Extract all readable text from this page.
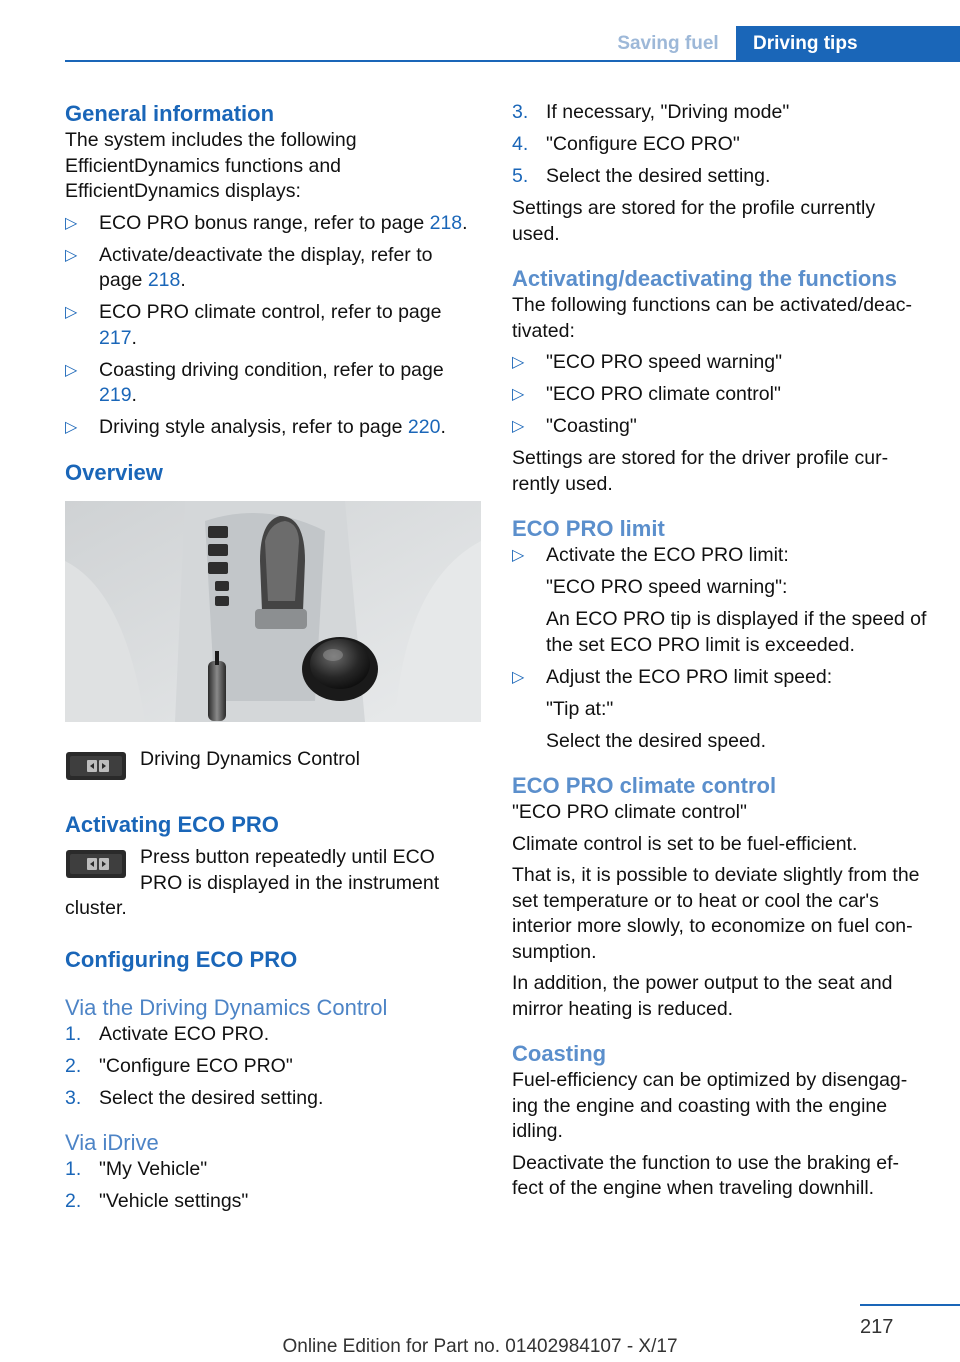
Saving fuel	Driving tips
General information

The system includes the following EfficientDynamics functions and EfficientDynamics displays:

▷ ECO PRO bonus range, refer to page 218.
▷ Activate/deactivate the display, refer to page 218.
▷ ECO PRO climate control, refer to page 217.
▷ Coasting driving condition, refer to page 219.
▷ Driving style analysis, refer to page 220.
Overview

Driving Dynamics Control

Activating ECO PRO

Press button repeatedly until ECO PRO is displayed in the instrument cluster.

Configuring ECO PRO
Via the Driving Dynamics Control
1. Activate ECO PRO.
2. "Configure ECO PRO"
3. Select the desired setting.
Via iDrive
1. "My Vehicle"
2. "Vehicle settings"
3. If necessary, "Driving mode"
4. "Configure ECO PRO"
5. Select the desired setting.

Settings are stored for the profile currently used.

Activating/deactivating the functions

The following functions can be activated/deac‐tivated:

▷ "ECO PRO speed warning"
▷ "ECO PRO climate control"
▷ "Coasting"

Settings are stored for the driver profile cur‐rently used.

ECO PRO limit
▷ Activate the ECO PRO limit:

"ECO PRO speed warning":

An ECO PRO tip is displayed if the speed of the set ECO PRO limit is exceeded.

▷ Adjust the ECO PRO limit speed:

"Tip at:"

Select the desired speed.

ECO PRO climate control

"ECO PRO climate control"

Climate control is set to be fuel-efficient.

That is, it is possible to deviate slightly from the set temperature or to heat or cool the car's interior more slowly, to economize on fuel con‐sumption.

In addition, the power output to the seat and mirror heating is reduced.

Coasting

Fuel-efficiency can be optimized by disengag‐ing the engine and coasting with the engine idling.

Deactivate the function to use the braking ef‐fect of the engine when traveling downhill.

217
Online Edition for Part no. 01402984107 - X/17
